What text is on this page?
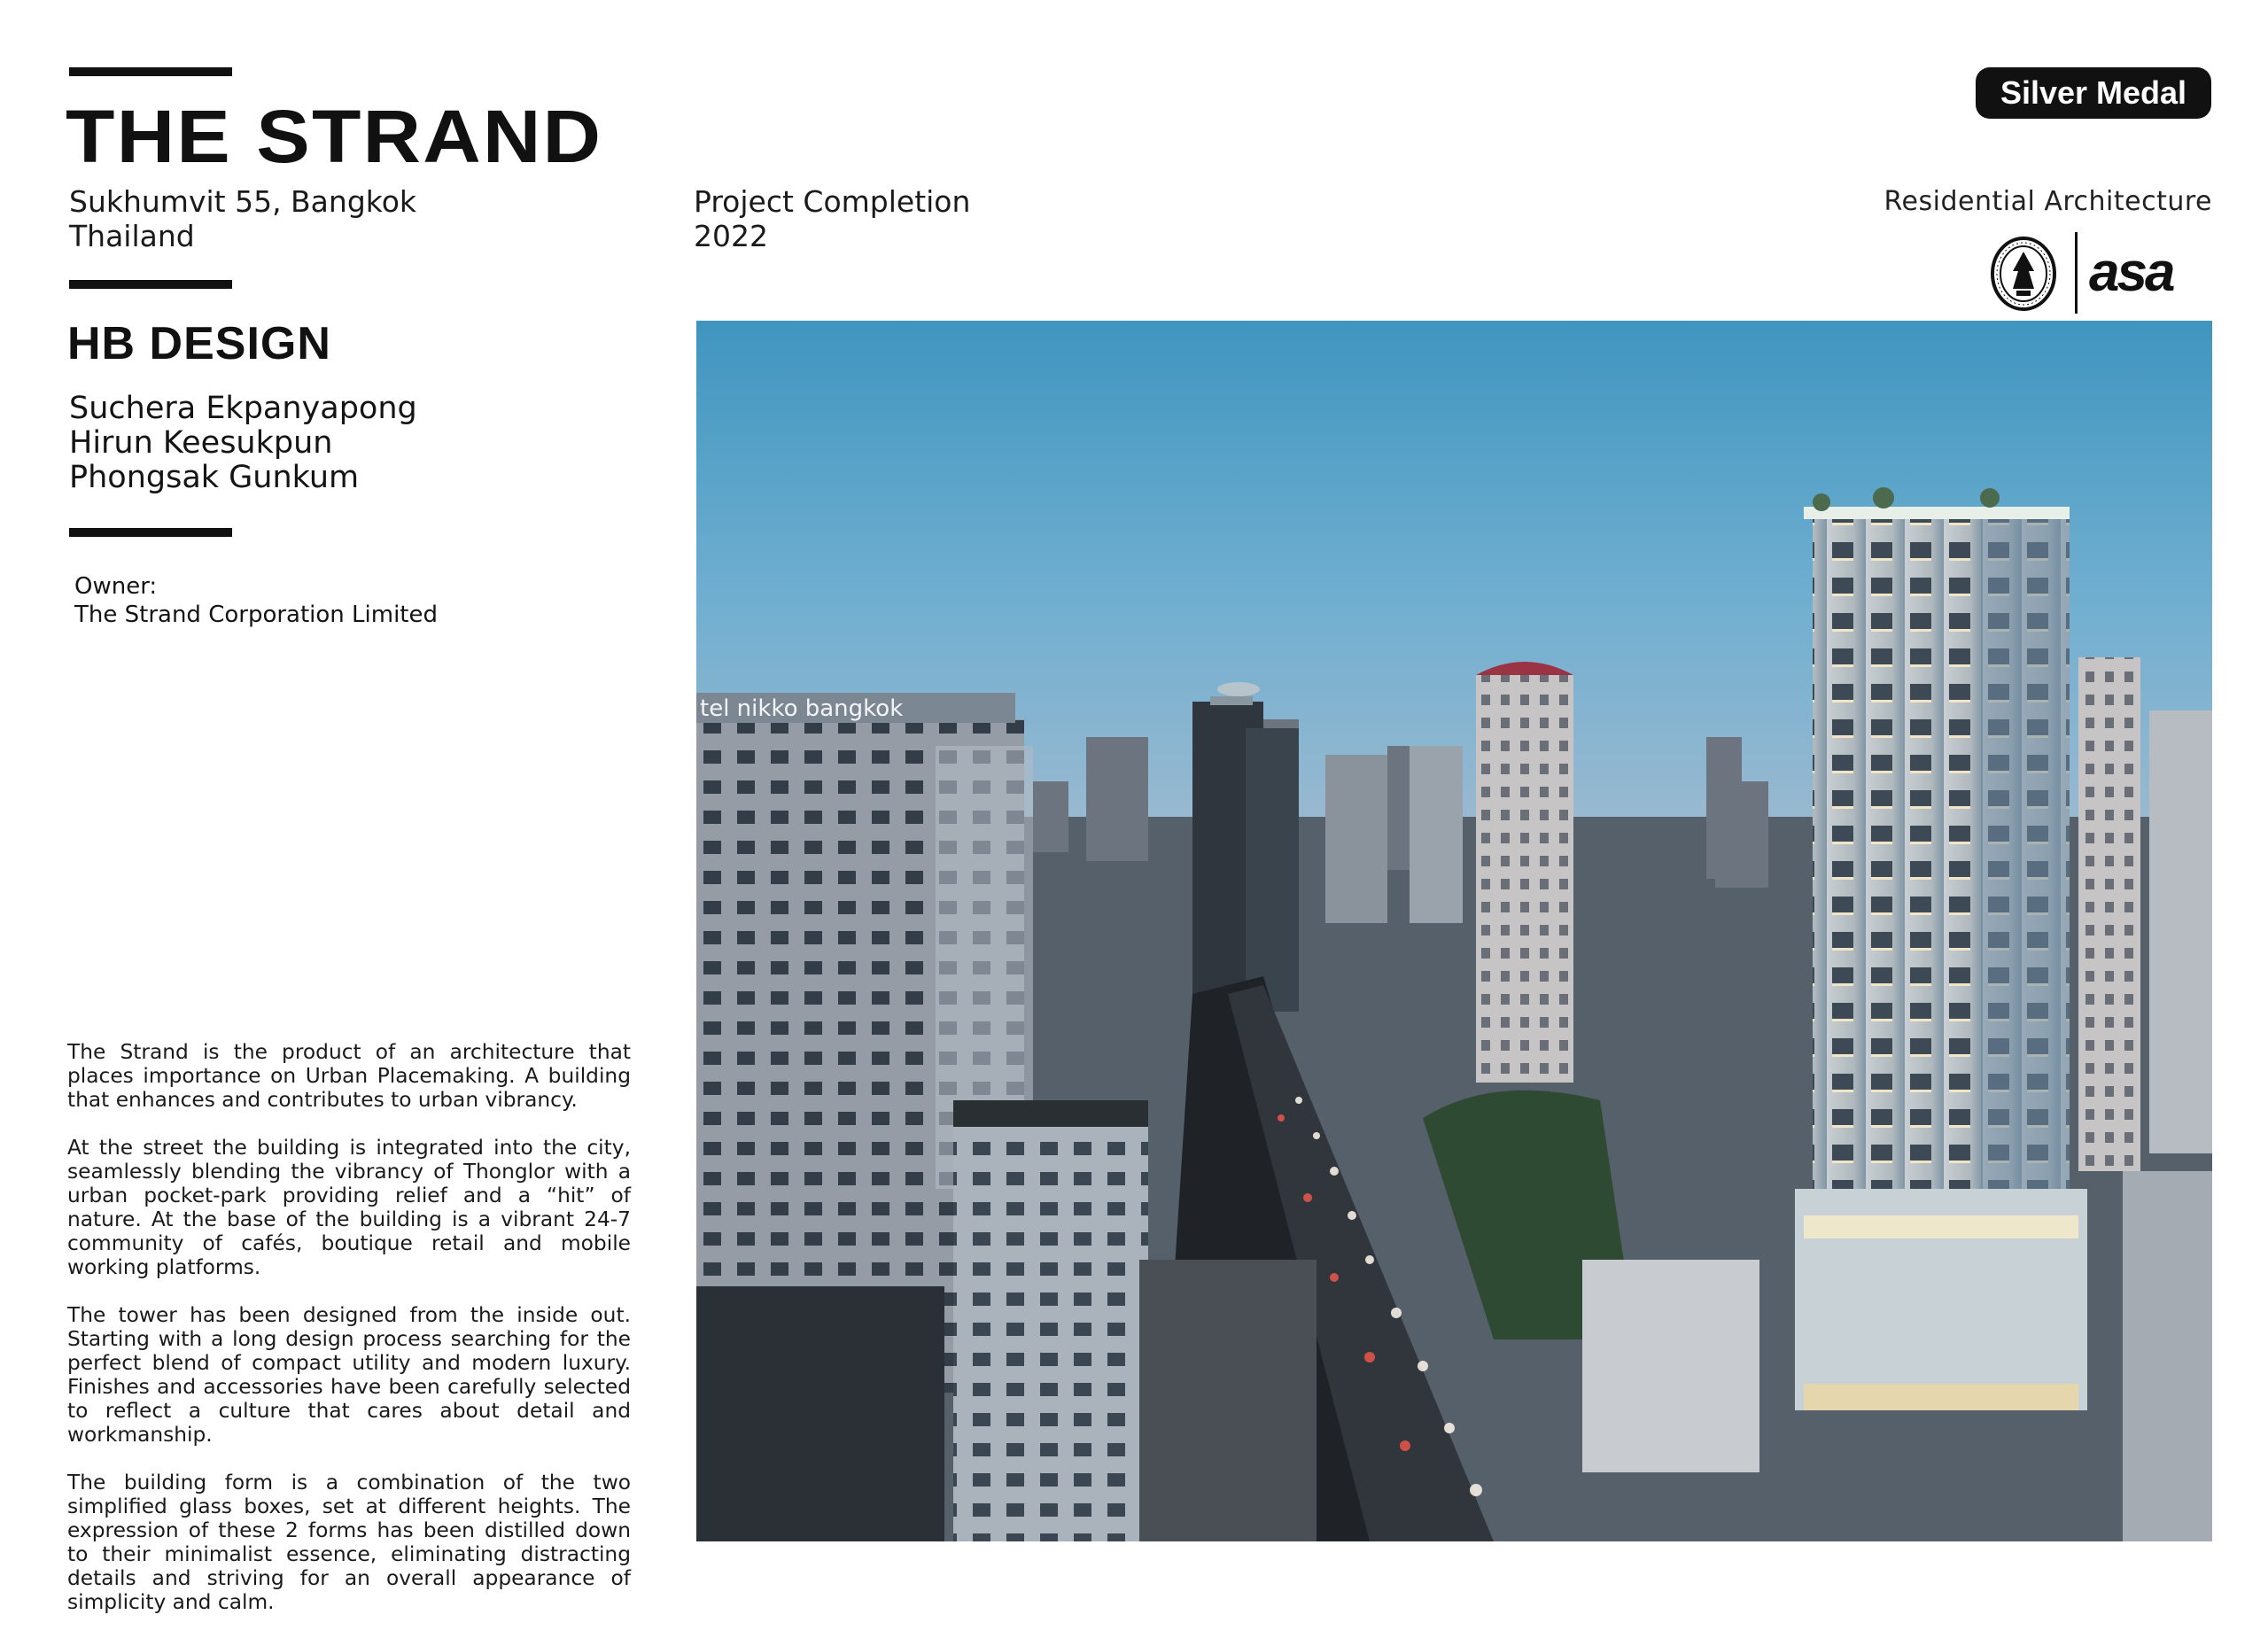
THE STRAND
Sukhumvit 55, Bangkok
Thailand
Project Completion
2022
HB DESIGN
Suchera Ekpanyapong
Hirun Keesukpun
Phongsak Gunkum
Owner:
The Strand Corporation Limited

The Strand is the product of an architecture that places importance on Urban Placemaking. A building that enhances and contributes to urban vibrancy.

At the street the building is integrated into the city, seamlessly blending the vibrancy of Thonglor with a urban pocket-park providing relief and a “hit” of nature. At the base of the building is a vibrant 24-7 community of cafés, boutique retail and mobile working platforms.

The tower has been designed from the inside out. Starting with a long design process searching for the perfect blend of compact utility and modern luxury. Finishes and accessories have been carefully selected to reflect a culture that cares about detail and workmanship.

The building form is a combination of the two simplified glass boxes, set at different heights. The expression of these 2 forms has been distilled down to their minimalist essence, eliminating distracting details and striving for an overall appearance of simplicity and calm.

Silver Medal
Residential Architecture
asa
tel nikko bangkok
